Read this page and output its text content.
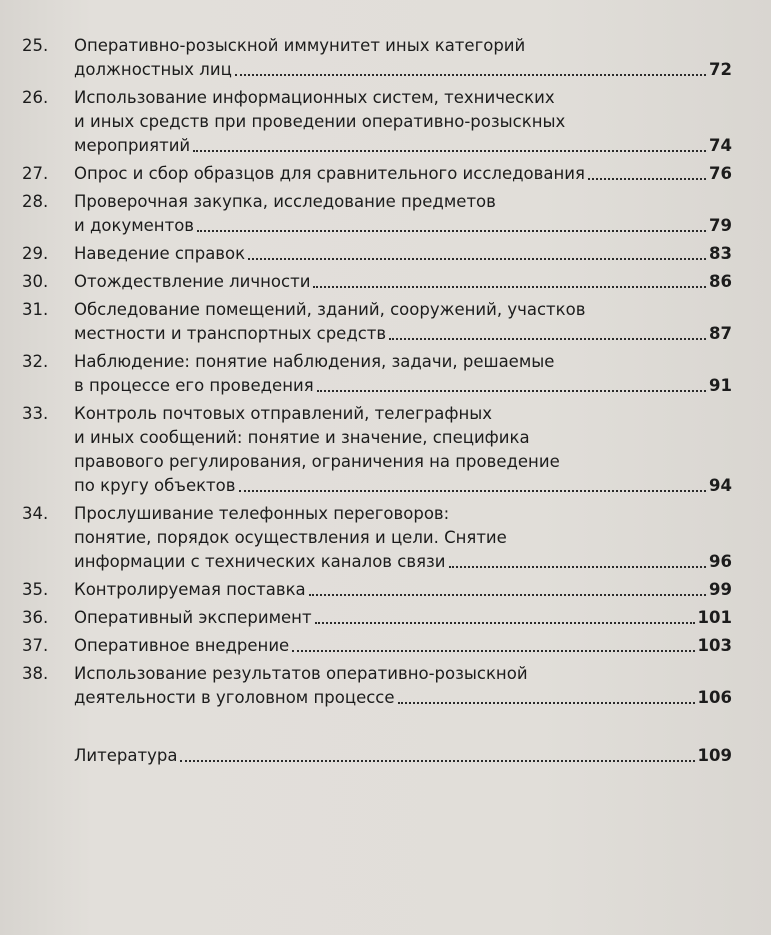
25.	Оперативно-розыскной иммунитет иных категорий
должностных лиц	72
26.	Использование информационных систем, технических
и иных средств при проведении оперативно-розыскных
мероприятий	74
27.	Опрос и сбор образцов для сравнительного исследования	76
28.	Проверочная закупка, исследование предметов
и документов	79
29.	Наведение справок	83
30.	Отождествление личности	86
31.	Обследование помещений, зданий, сооружений, участков
местности и транспортных средств	87
32.	Наблюдение: понятие наблюдения, задачи, решаемые
в процессе его проведения	91
33.	Контроль почтовых отправлений, телеграфных
и иных сообщений: понятие и значение, специфика
правового регулирования, ограничения на проведение
по кругу объектов	94
34.	Прослушивание телефонных переговоров:
понятие, порядок осуществления и цели. Снятие
информации с технических каналов связи	96
35.	Контролируемая поставка	99
36.	Оперативный эксперимент	101
37.	Оперативное внедрение	103
38.	Использование результатов оперативно-розыскной
деятельности в уголовном процессе	106
Литература	109
